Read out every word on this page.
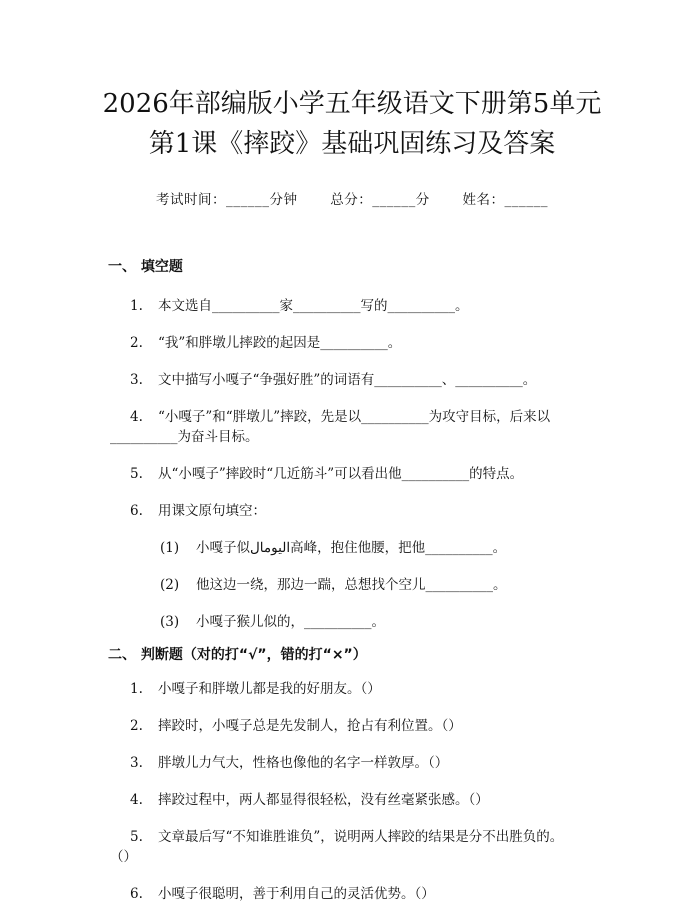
2026年部编版小学五年级语文下册第5单元
第1课《摔跤》基础巩固练习及答案
考试时间：______分钟 总分：______分 姓名：______
一、 填空题
1.	本文选自__________家__________写的__________。
2.	“我”和胖墩儿摔跤的起因是__________。
3.	文中描写小嘎子“争强好胜”的词语有__________、__________。
4.	“小嘎子”和“胖墩儿”摔跤，先是以__________为攻守目标，后来以
__________为奋斗目标。
5.	从“小嘎子”摔跤时“几近筋斗”可以看出他__________的特点。
6.	用课文原句填空：
(1)	小嘎子似اليومال高峰，抱住他腰，把他__________。
(2)	他这边一绕，那边一踹，总想找个空儿__________。
(3)	小嘎子猴儿似的，__________。
二、 判断题（对的打“√”，错的打“×”）
1.	小嘎子和胖墩儿都是我的好朋友。（）
2.	摔跤时，小嘎子总是先发制人，抢占有利位置。（）
3.	胖墩儿力气大，性格也像他的名字一样敦厚。（）
4.	摔跤过程中，两人都显得很轻松，没有丝毫紧张感。（）
5.	文章最后写“不知谁胜谁负”，说明两人摔跤的结果是分不出胜负的。
（）
6.	小嘎子很聪明，善于利用自己的灵活优势。（）
